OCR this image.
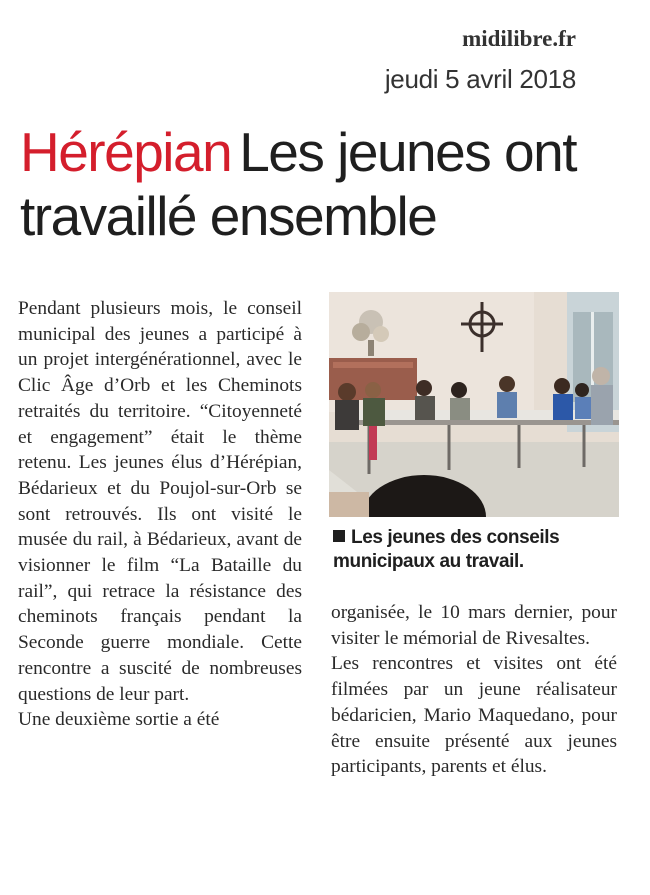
midilibre.fr
jeudi 5 avril 2018
Hérépian Les jeunes ont travaillé ensemble

Pendant plusieurs mois, le conseil municipal des jeunes a participé à un projet intergénérationnel, avec le Clic Âge d’Orb et les Cheminots retraités du territoire. “Citoyenneté et engagement” était le thème retenu. Les jeunes élus d’Hérépian, Bédarieux et du Poujol-sur-Orb se sont retrouvés. Ils ont visité le musée du rail, à Bédarieux, avant de visionner le film “La Bataille du rail”, qui retrace la résistance des cheminots français pendant la Seconde guerre mondiale. Cette rencontre a suscité de nombreuses questions de leur part.

Une deuxième sortie a été

Les jeunes des conseils municipaux au travail.

organisée, le 10 mars dernier, pour visiter le mémorial de Rivesaltes.

Les rencontres et visites ont été filmées par un jeune réalisateur bédaricien, Mario Maquedano, pour être ensuite présenté aux jeunes participants, parents et élus.
